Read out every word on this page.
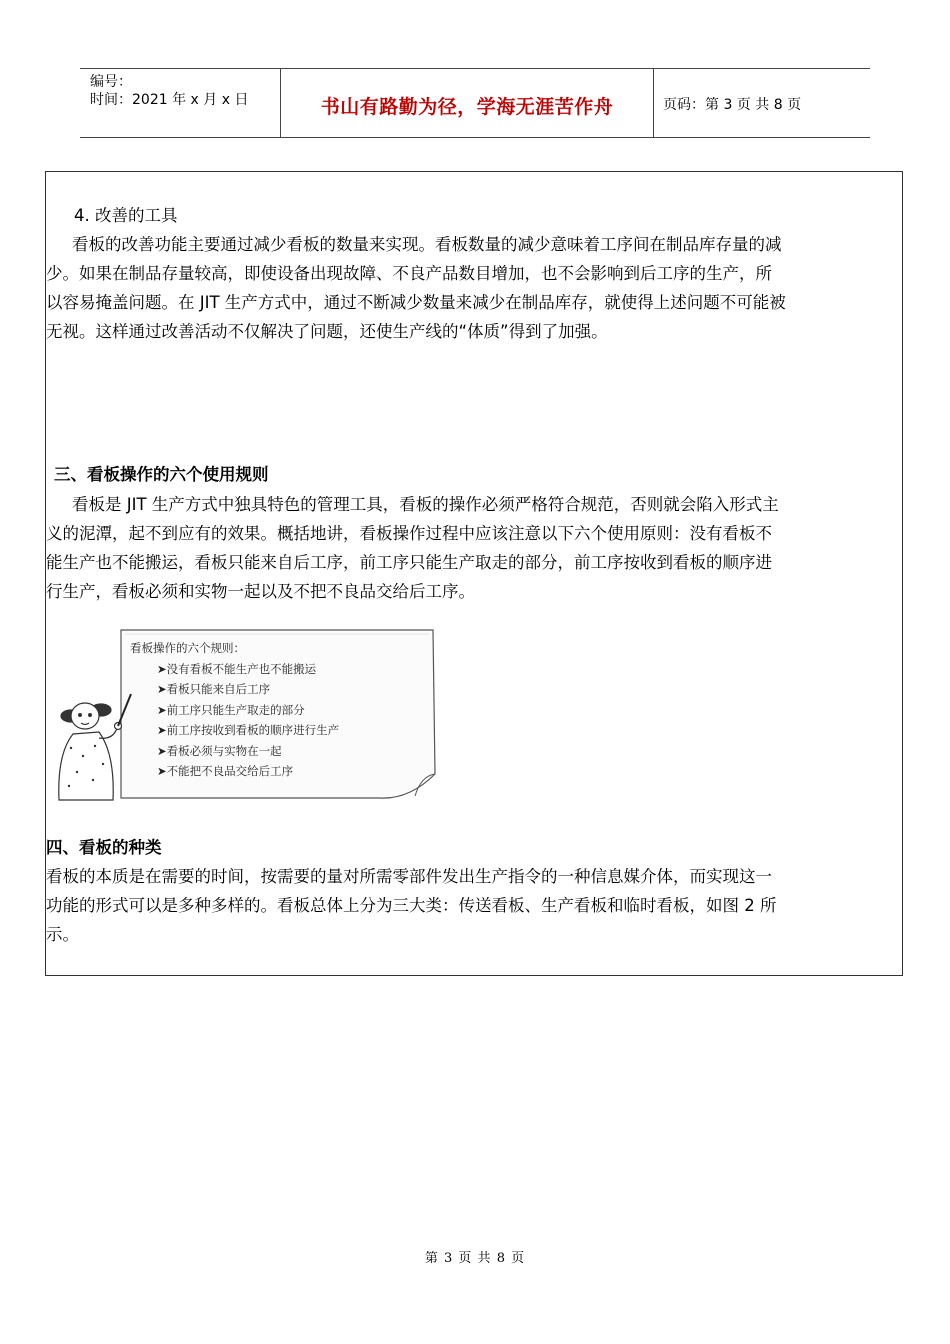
编号：
时间：2021 年 x 月 x 日	书山有路勤为径，学海无涯苦作舟	页码：第 3 页 共 8 页
4. 改善的工具
看板的改善功能主要通过减少看板的数量来实现。看板数量的减少意味着工序间在制品库存量的减
少。如果在制品存量较高，即使设备出现故障、不良产品数目增加，也不会影响到后工序的生产，所
以容易掩盖问题。在 JIT 生产方式中，通过不断减少数量来减少在制品库存，就使得上述问题不可能被
无视。这样通过改善活动不仅解决了问题，还使生产线的“体质”得到了加强。
三、看板操作的六个使用规则
看板是 JIT 生产方式中独具特色的管理工具，看板的操作必须严格符合规范，否则就会陷入形式主
义的泥潭，起不到应有的效果。概括地讲，看板操作过程中应该注意以下六个使用原则：没有看板不
能生产也不能搬运，看板只能来自后工序，前工序只能生产取走的部分，前工序按收到看板的顺序进
行生产，看板必须和实物一起以及不把不良品交给后工序。
看板操作的六个规则：
➤没有看板不能生产也不能搬运
➤看板只能来自后工序
➤前工序只能生产取走的部分
➤前工序按收到看板的顺序进行生产
➤看板必须与实物在一起
➤不能把不良品交给后工序
四、看板的种类
看板的本质是在需要的时间，按需要的量对所需零部件发出生产指令的一种信息媒介体，而实现这一
功能的形式可以是多种多样的。看板总体上分为三大类：传送看板、生产看板和临时看板，如图 2 所
示。
第 3 页 共 8 页
